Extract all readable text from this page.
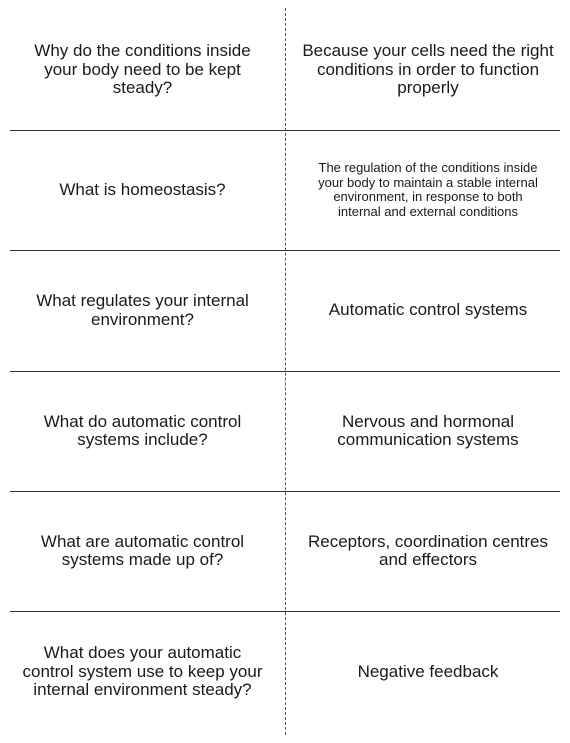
Why do the conditions inside your body need to be kept steady?
Because your cells need the right conditions in order to function properly
What is homeostasis?
The regulation of the conditions inside your body to maintain a stable internal environment, in response to both internal and external conditions
What regulates your internal environment?	Automatic control systems
What do automatic control systems include?
Nervous and hormonal communication systems
What are automatic control systems made up of?
Receptors, coordination centres and effectors
What does your automatic control system use to keep your internal environment steady?
Negative feedback
